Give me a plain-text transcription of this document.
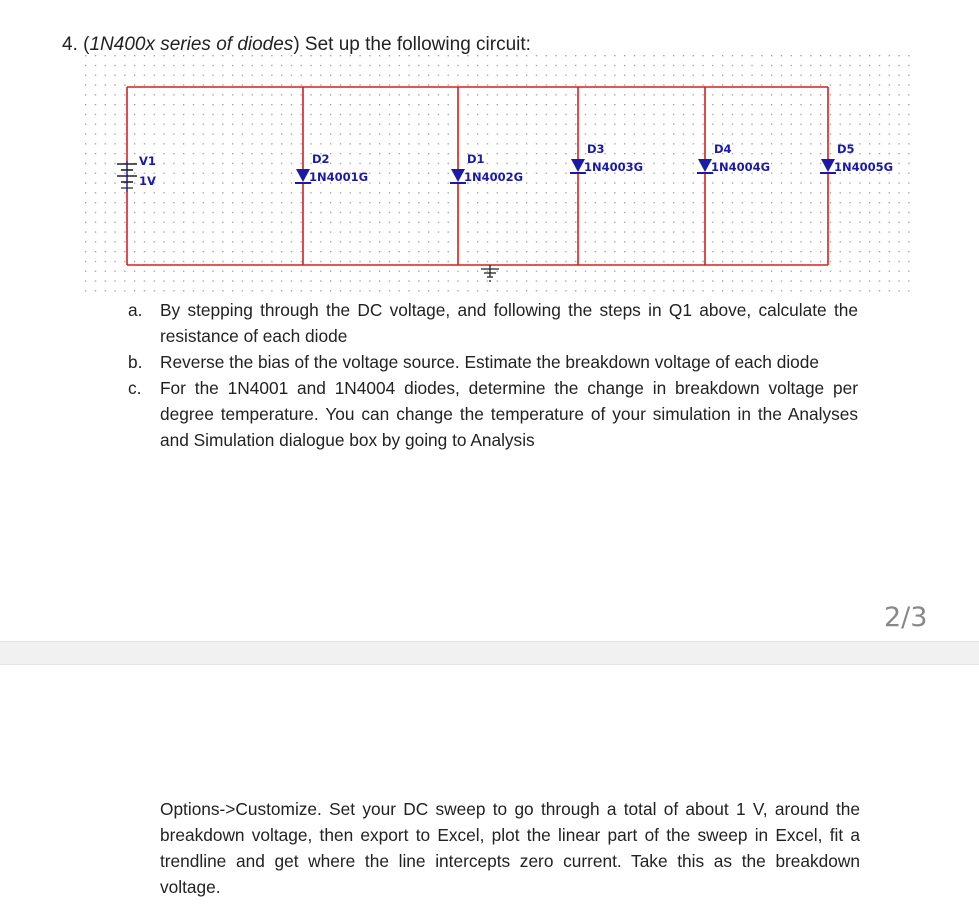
4. (1N400x series of diodes) Set up the following circuit:
V1
1V
D2
1N4001G
D1
1N4002G
D3
1N4003G
D4
1N4004G
D5
1N4005G
a. By stepping through the DC voltage, and following the steps in Q1 above, calculate the resistance of each diode
b. Reverse the bias of the voltage source. Estimate the breakdown voltage of each diode
c. For the 1N4001 and 1N4004 diodes, determine the change in breakdown voltage per degree temperature. You can change the temperature of your simulation in the Analyses and Simulation dialogue box by going to Analysis
2/3
Options->Customize. Set your DC sweep to go through a total of about 1 V, around the breakdown voltage, then export to Excel, plot the linear part of the sweep in Excel, fit a trendline and get where the line intercepts zero current. Take this as the breakdown voltage.
